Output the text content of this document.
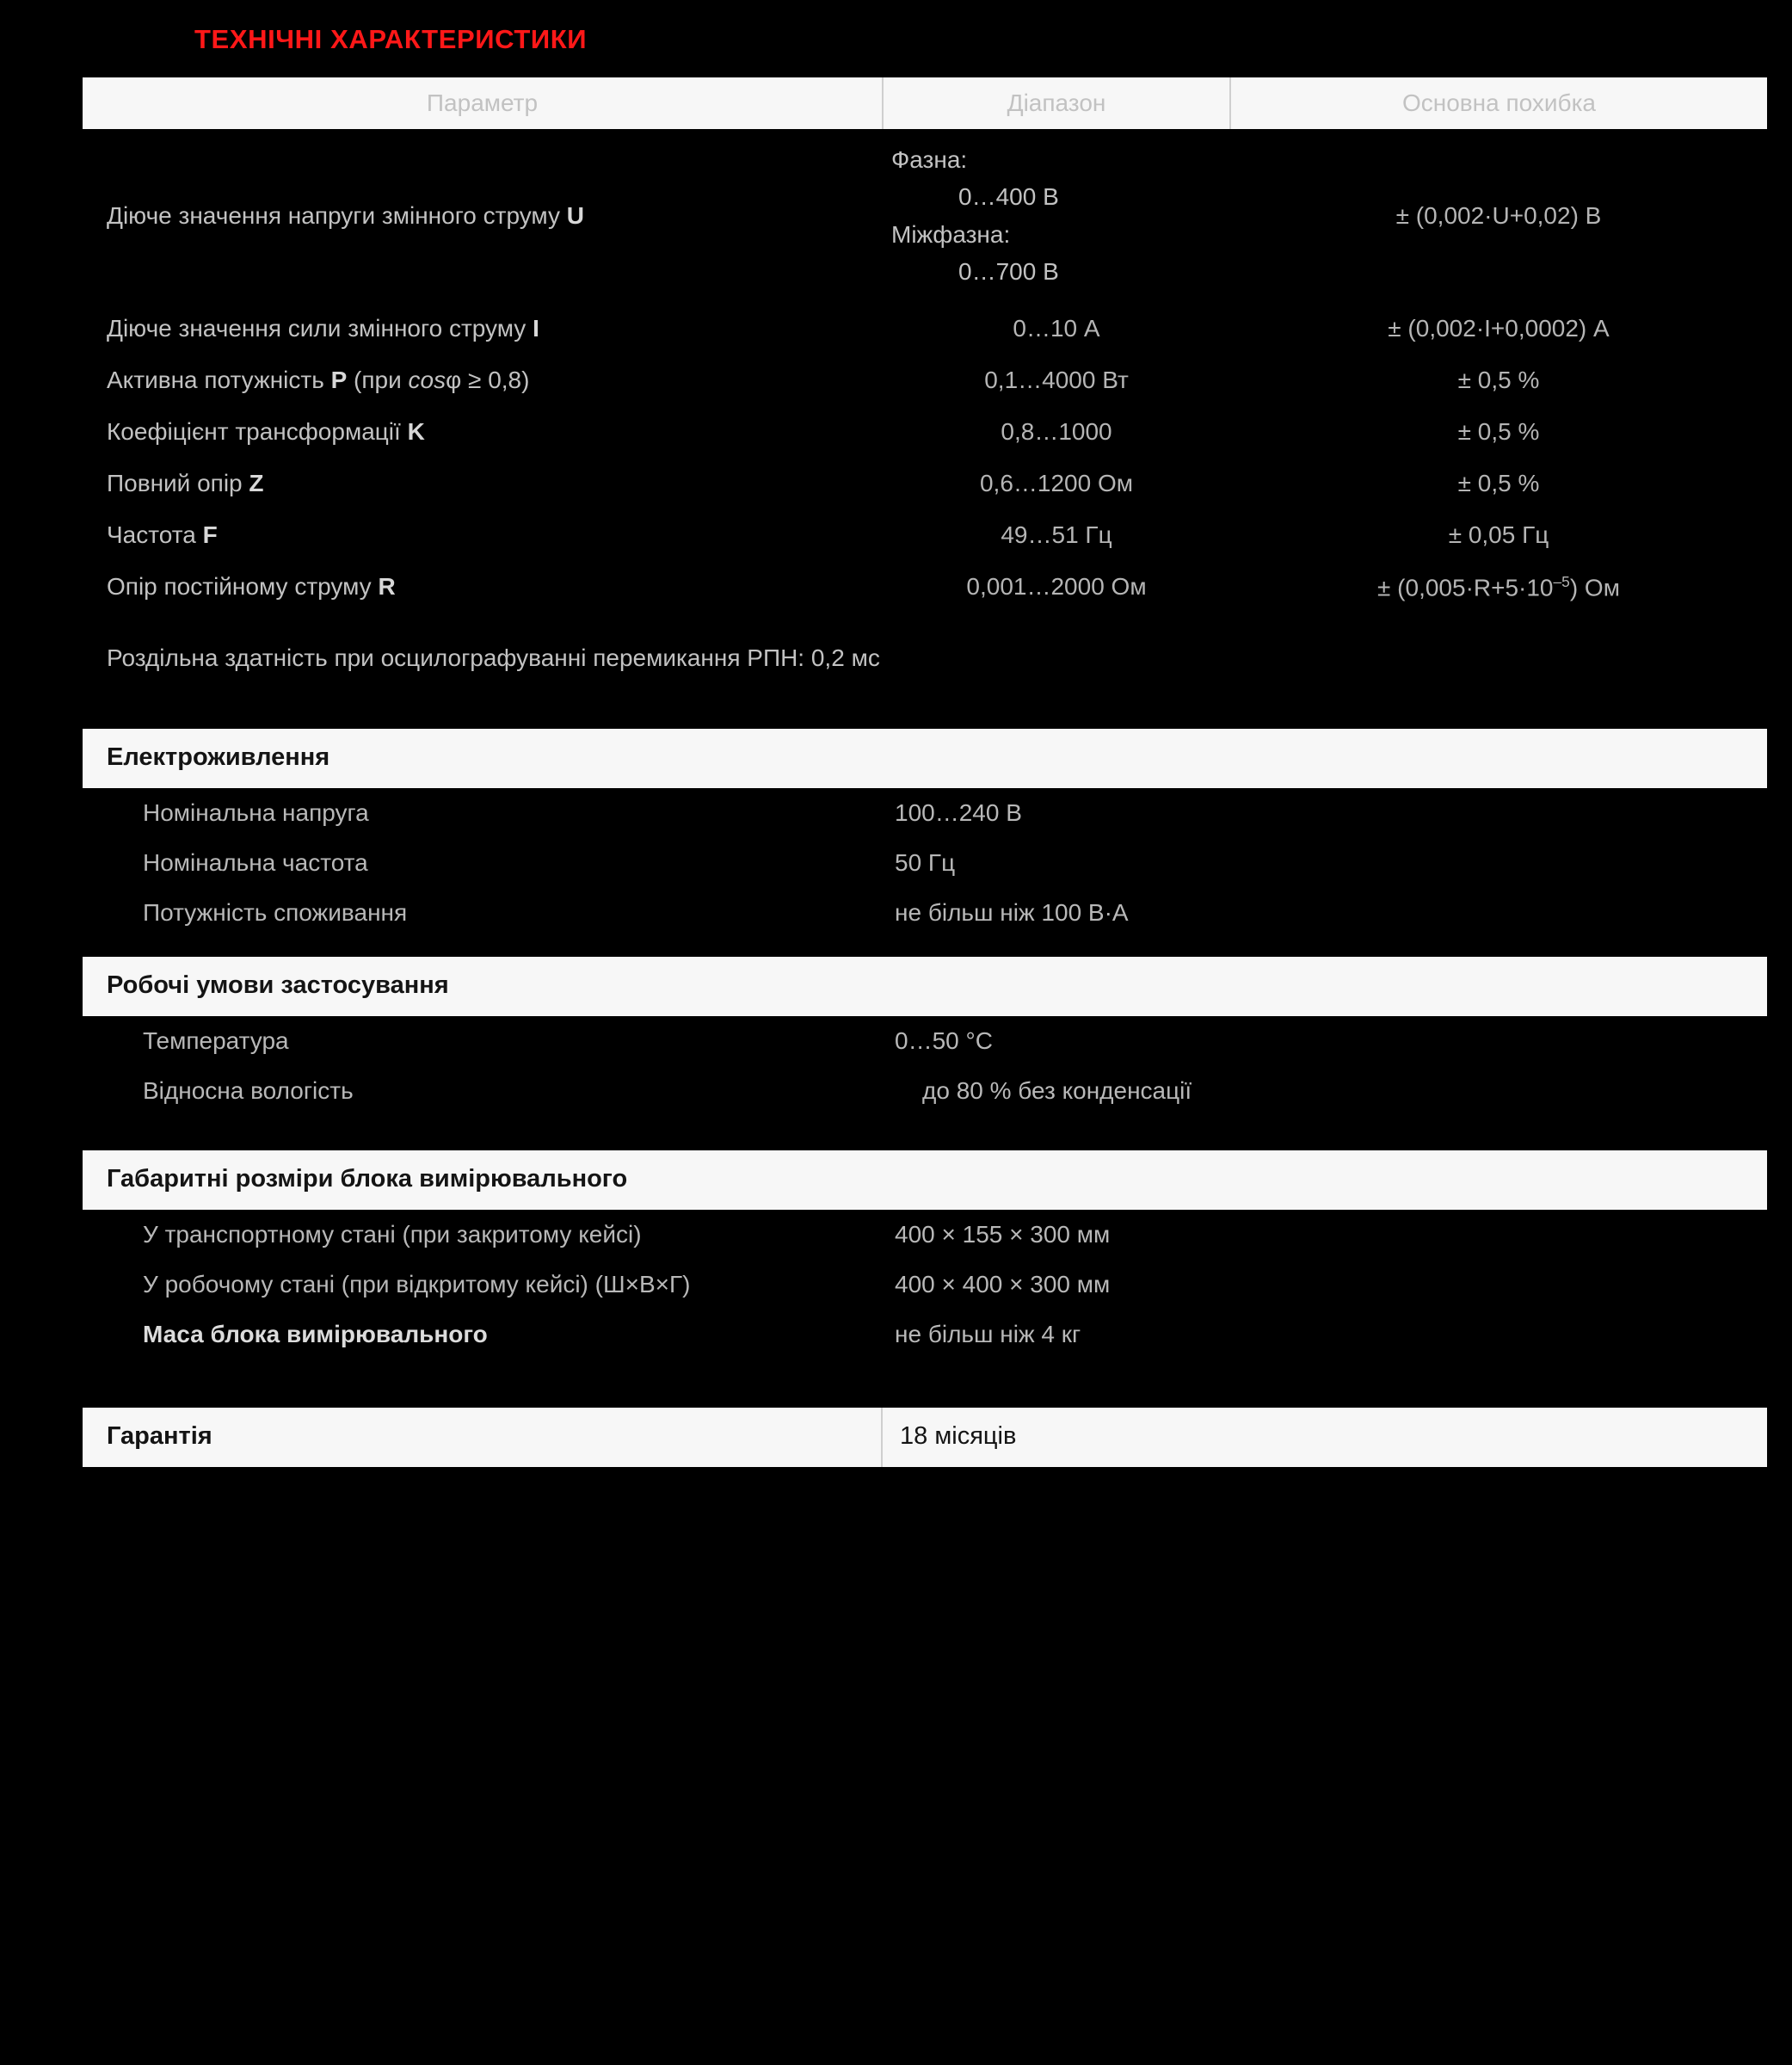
ТЕХНІЧНІ ХАРАКТЕРИСТИКИ
Параметр	Діапазон	Основна похибка
Діюче значення напруги змінного струму U	Фазна:

0…400 В
Міжфазна:

0…700 В	± (0,002·U+0,02) В
Діюче значення сили змінного струму I	0…10 А	± (0,002·I+0,0002) А
Активна потужність P (при cosφ ≥ 0,8)	0,1…4000 Вт	± 0,5 %
Коефіцієнт трансформації K	0,8…1000	± 0,5 %
Повний опір Z	0,6…1200 Ом	± 0,5 %
Частота F	49…51 Гц	± 0,05 Гц
Опір постійному струму R	0,001…2000 Ом	± $(0,005\cdot R+5\cdot 10^{-5})$ Ом
Роздільна здатність при осцилографуванні перемикання РПН: 0,2 мс		
Електроживлення
Номінальна напруга	100…240 В
Номінальна частота	50 Гц
Потужність споживання	не більш ніж 100 В·А
Робочі умови застосування
Температура	0…50 °C
Відносна вологість	до 80 % без конденсації
Габаритні розміри блока вимірювального
У транспортному стані (при закритому кейсі)	400 × 155 × 300 мм
У робочому стані (при відкритому кейсі) (Ш×В×Г)	400 × 400 × 300 мм
Маса блока вимірювального	не більш ніж 4 кг
Гарантія	18 місяців
